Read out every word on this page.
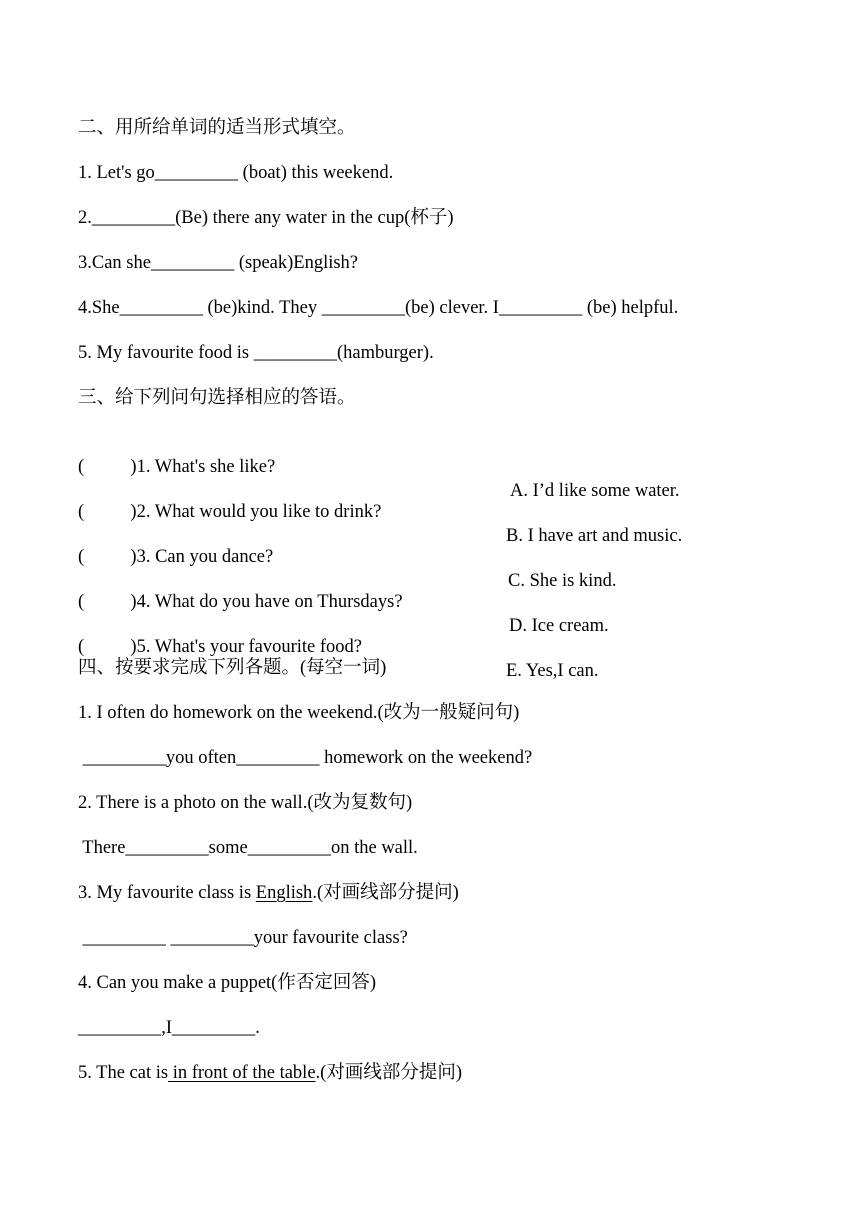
二、用所给单词的适当形式填空。

1. Let's go_________ (boat) this weekend.

2._________(Be) there any water in the cup(杯子)

3.Can she_________ (speak)English?

4.She_________ (be)kind. They _________(be) clever. I_________ (be) helpful.

5. My favourite food is _________(hamburger).

三、给下列问句选择相应的答语。

(          )1. What's she like?

A. I’d like some water.

(          )2. What would you like to drink?

B. I have art and music.

(          )3. Can you dance?

C. She is kind.

(          )4. What do you have on Thursdays?

D. Ice cream.

(          )5. What's your favourite food?

E. Yes,I can.

四、按要求完成下列各题。(每空一词)

1. I often do homework on the weekend.(改为一般疑问句)

_________you often_________ homework on the weekend?

2. There is a photo on the wall.(改为复数句)

There_________some_________on the wall.

3. My favourite class is English.(对画线部分提问)

_________ _________your favourite class?

4. Can you make a puppet(作否定回答)

_________,I_________.

5. The cat is in front of the table.(对画线部分提问)
